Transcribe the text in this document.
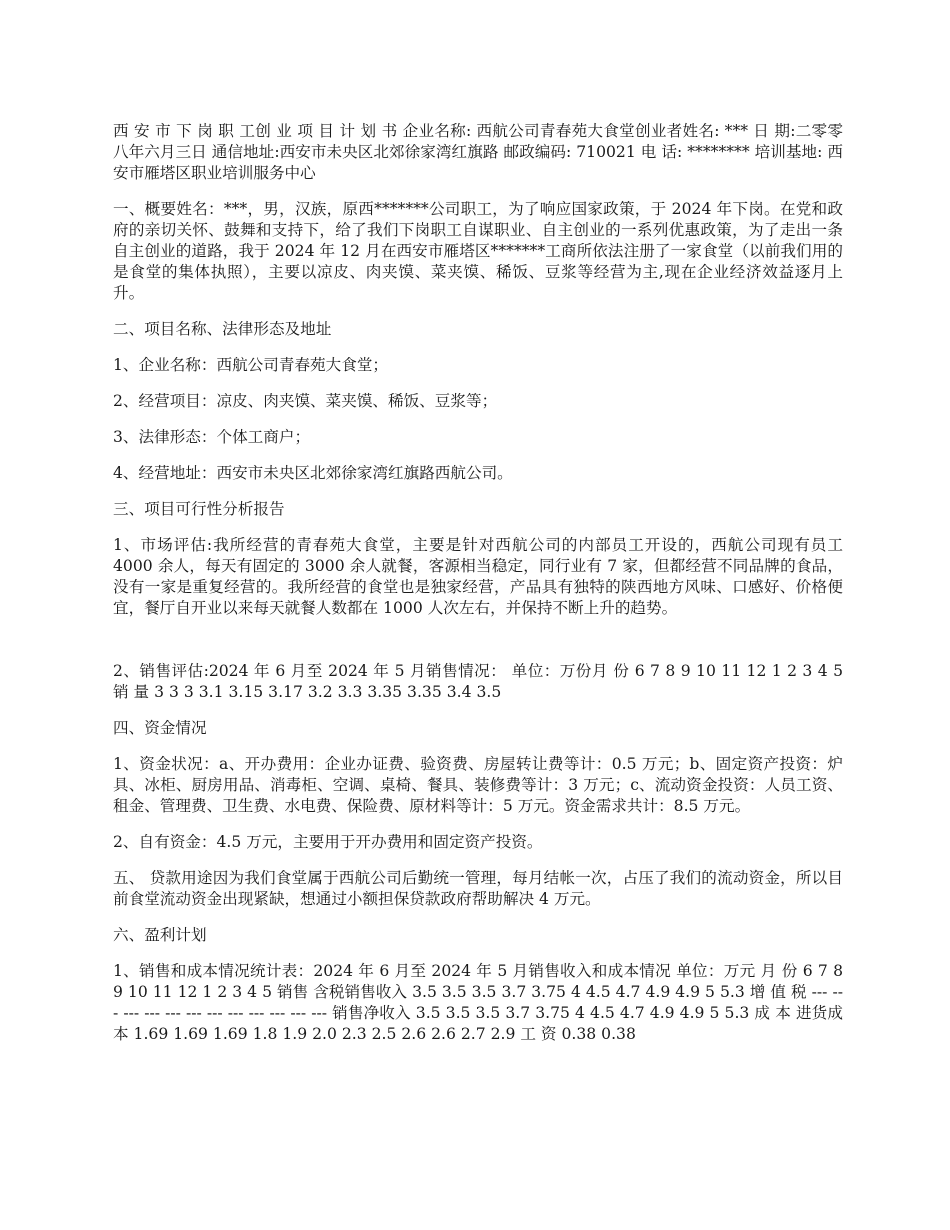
西 安 市 下 岗 职 工创 业 项 目 计 划 书 企业名称: 西航公司青春苑大食堂创业者姓名: *** 日 期:二零零八年六月三日 通信地址:西安市未央区北郊徐家湾红旗路 邮政编码: 710021 电 话: ******** 培训基地: 西安市雁塔区职业培训服务中心

一、概要姓名：***，男，汉族，原西*******公司职工，为了响应国家政策，于 2024 年下岗。在党和政府的亲切关怀、鼓舞和支持下，给了我们下岗职工自谋职业、自主创业的一系列优惠政策，为了走出一条自主创业的道路，我于 2024 年 12 月在西安市雁塔区*******工商所依法注册了一家食堂（以前我们用的是食堂的集体执照），主要以凉皮、肉夹馍、菜夹馍、稀饭、豆浆等经营为主,现在企业经济效益逐月上升。

二、项目名称、法律形态及地址

1、企业名称：西航公司青春苑大食堂；

2、经营项目：凉皮、肉夹馍、菜夹馍、稀饭、豆浆等；

3、法律形态：个体工商户；

4、经营地址：西安市未央区北郊徐家湾红旗路西航公司。

三、项目可行性分析报告

1、市场评估:我所经营的青春苑大食堂，主要是针对西航公司的内部员工开设的，西航公司现有员工 4000 余人，每天有固定的 3000 余人就餐，客源相当稳定，同行业有 7 家，但都经营不同品牌的食品，没有一家是重复经营的。我所经营的食堂也是独家经营，产品具有独特的陕西地方风味、口感好、价格便宜，餐厅自开业以来每天就餐人数都在 1000 人次左右，并保持不断上升的趋势。

2、销售评估:2024 年 6 月至 2024 年 5 月销售情况： 单位：万份月 份 6 7 8 9 10 11 12 1 2 3 4 5 销 量 3 3 3 3.1 3.15 3.17 3.2 3.3 3.35 3.35 3.4 3.5

四、资金情况

1、资金状况：a、开办费用：企业办证费、验资费、房屋转让费等计：0.5 万元；b、固定资产投资：炉具、冰柜、厨房用品、消毒柜、空调、桌椅、餐具、装修费等计：3 万元；c、流动资金投资：人员工资、租金、管理费、卫生费、水电费、保险费、原材料等计：5 万元。资金需求共计：8.5 万元。

2、自有资金：4.5 万元，主要用于开办费用和固定资产投资。

五、 贷款用途因为我们食堂属于西航公司后勤统一管理，每月结帐一次，占压了我们的流动资金，所以目前食堂流动资金出现紧缺，想通过小额担保贷款政府帮助解决 4 万元。

六、盈利计划

1、销售和成本情况统计表：2024 年 6 月至 2024 年 5 月销售收入和成本情况 单位：万元 月 份 6 7 8 9 10 11 12 1 2 3 4 5 销售 含税销售收入 3.5 3.5 3.5 3.7 3.75 4 4.5 4.7 4.9 4.9 5 5.3 增 值 税 --- --- --- --- --- --- --- --- --- --- --- --- 销售净收入 3.5 3.5 3.5 3.7 3.75 4 4.5 4.7 4.9 4.9 5 5.3 成 本 进货成本 1.69 1.69 1.69 1.8 1.9 2.0 2.3 2.5 2.6 2.6 2.7 2.9 工 资 0.38 0.38
